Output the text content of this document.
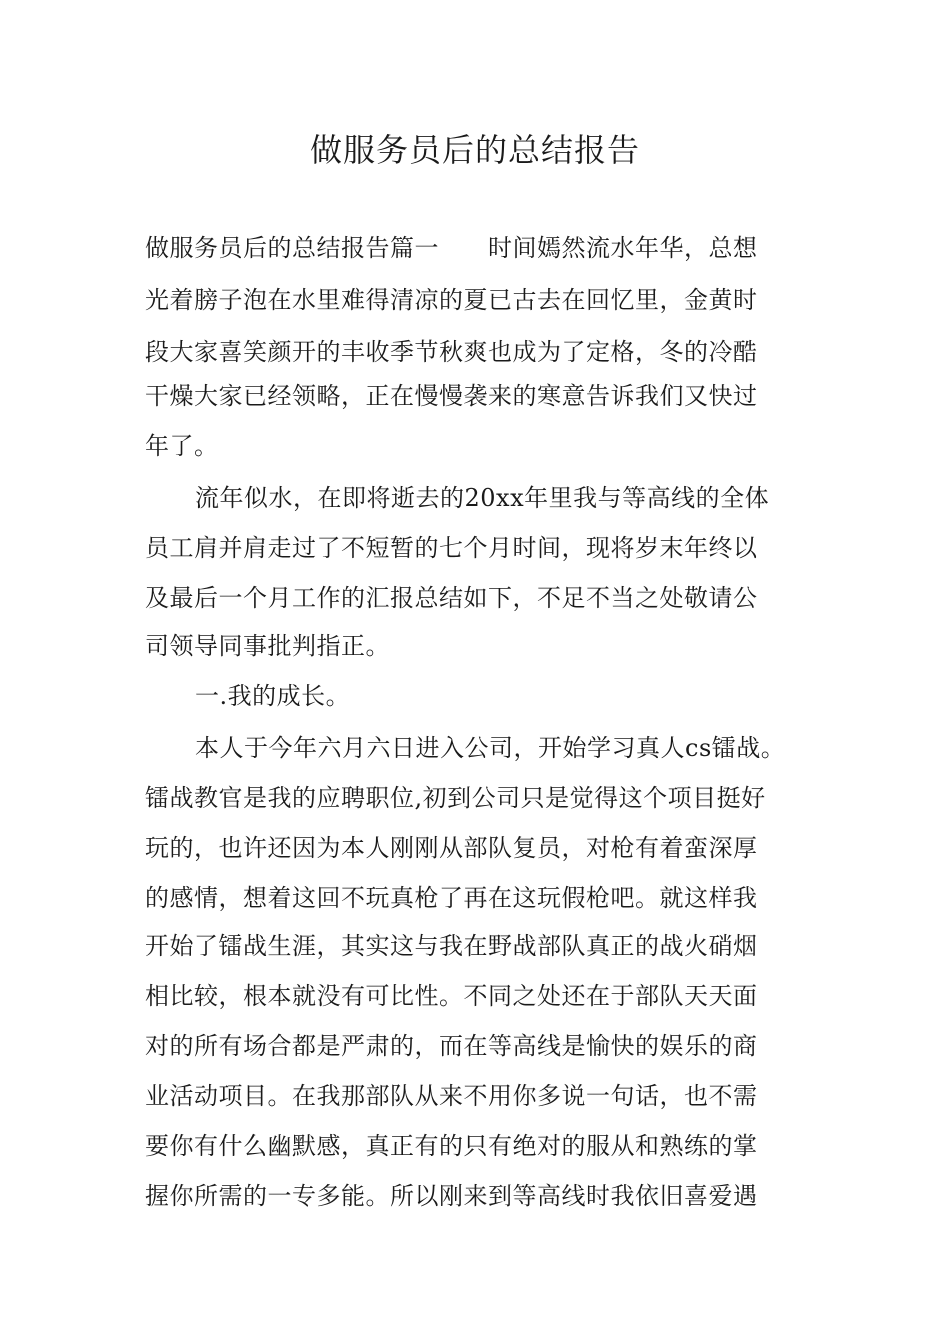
做服务员后的总结报告
做服务员后的总结报告篇一　　时间嫣然流水年华，总想
光着膀子泡在水里难得清凉的夏已古去在回忆里，金黄时
段大家喜笑颜开的丰收季节秋爽也成为了定格，冬的冷酷
干燥大家已经领略，正在慢慢袭来的寒意告诉我们又快过
年了。
流年似水，在即将逝去的20xx年里我与等高线的全体
员工肩并肩走过了不短暂的七个月时间，现将岁末年终以
及最后一个月工作的汇报总结如下，不足不当之处敬请公
司领导同事批判指正。
一.我的成长。
本人于今年六月六日进入公司，开始学习真人cs镭战。
镭战教官是我的应聘职位,初到公司只是觉得这个项目挺好
玩的，也许还因为本人刚刚从部队复员，对枪有着蛮深厚
的感情，想着这回不玩真枪了再在这玩假枪吧。就这样我
开始了镭战生涯，其实这与我在野战部队真正的战火硝烟
相比较，根本就没有可比性。不同之处还在于部队天天面
对的所有场合都是严肃的，而在等高线是愉快的娱乐的商
业活动项目。在我那部队从来不用你多说一句话，也不需
要你有什么幽默感，真正有的只有绝对的服从和熟练的掌
握你所需的一专多能。所以刚来到等高线时我依旧喜爱遇
